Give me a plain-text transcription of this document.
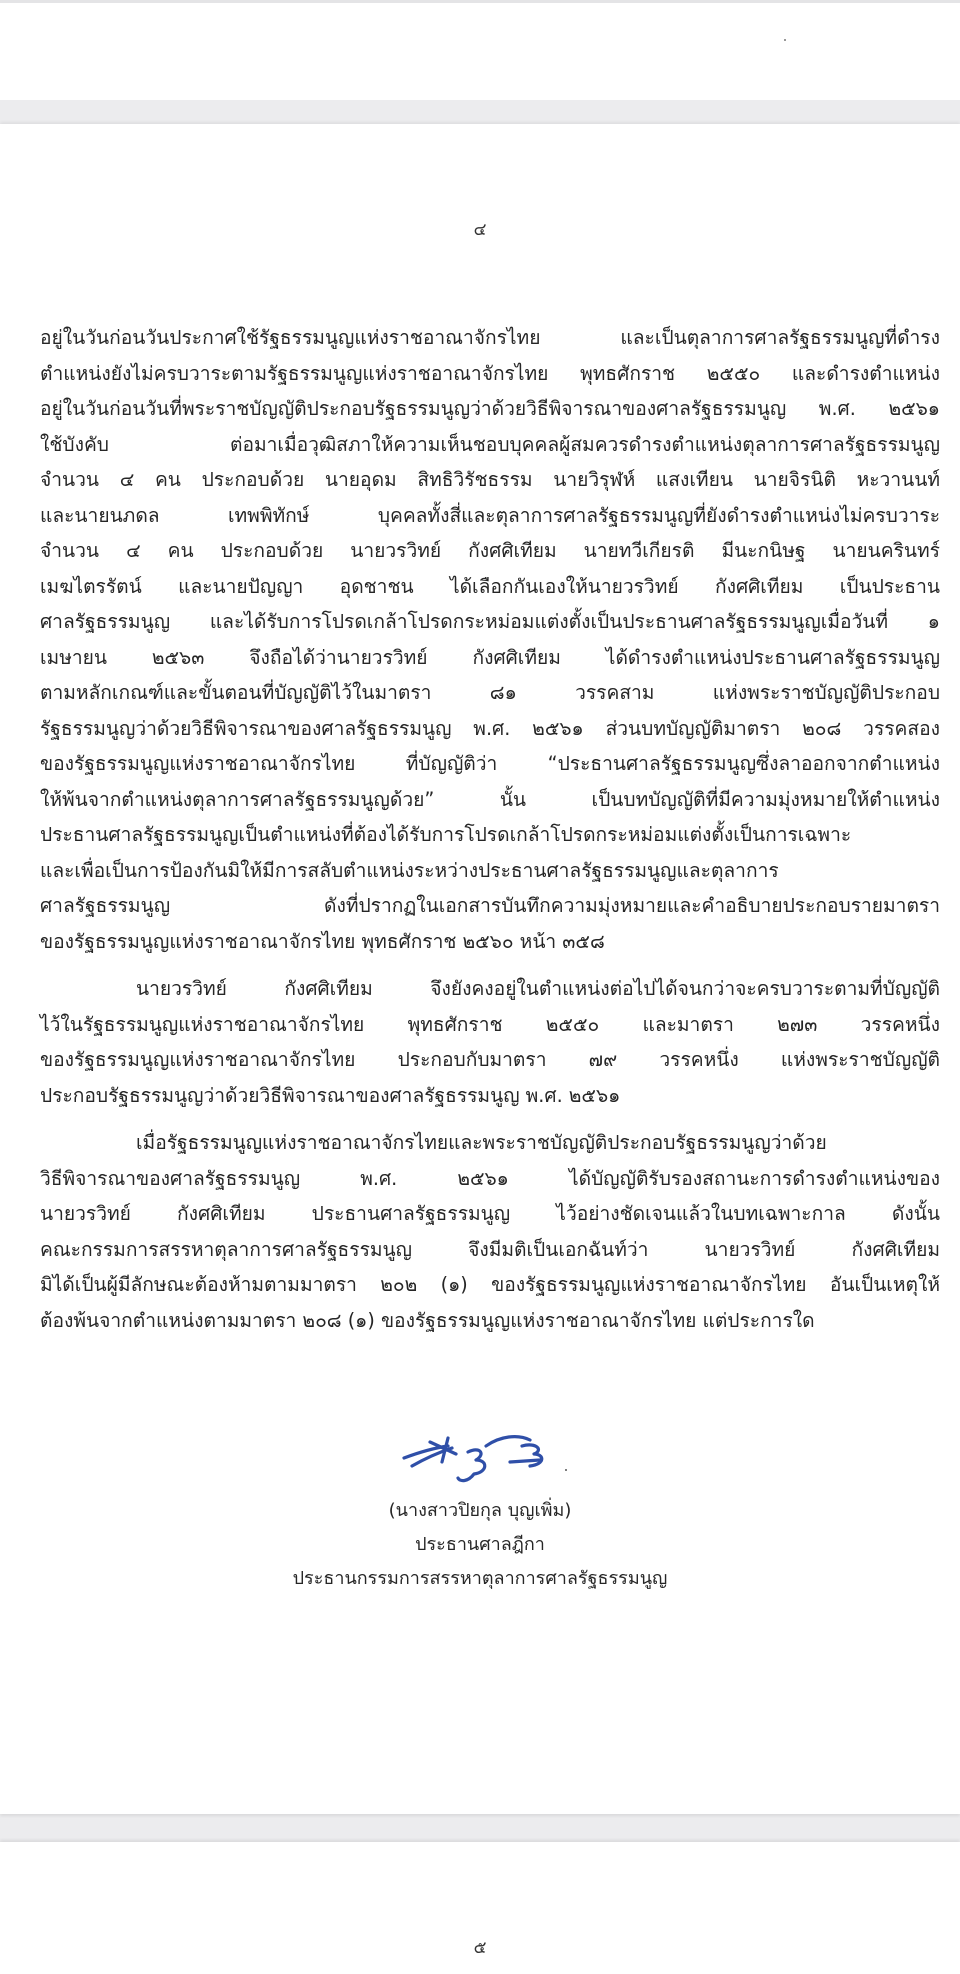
๔
อยู่ในวันก่อนวันประกาศใช้รัฐธรรมนูญแห่งราชอาณาจักรไทย และเป็นตุลาการศาลรัฐธรรมนูญที่ดำรง
ตำแหน่งยังไม่ครบวาระตามรัฐธรรมนูญแห่งราชอาณาจักรไทย พุทธศักราช ๒๕๕๐ และดำรงตำแหน่ง
อยู่ในวันก่อนวันที่พระราชบัญญัติประกอบรัฐธรรมนูญว่าด้วยวิธีพิจารณาของศาลรัฐธรรมนูญ พ.ศ. ๒๕๖๑
ใช้บังคับ ต่อมาเมื่อวุฒิสภาให้ความเห็นชอบบุคคลผู้สมควรดำรงตำแหน่งตุลาการศาลรัฐธรรมนูญ
จำนวน ๔ คน ประกอบด้วย นายอุดม สิทธิวิรัชธรรม นายวิรุฬห์ แสงเทียน นายจิรนิติ หะวานนท์
และนายนภดล เทพพิทักษ์ บุคคลทั้งสี่และตุลาการศาลรัฐธรรมนูญที่ยังดำรงตำแหน่งไม่ครบวาระ
จำนวน ๔ คน ประกอบด้วย นายวรวิทย์ กังศศิเทียม นายทวีเกียรติ มีนะกนิษฐ นายนครินทร์
เมฆไตรรัตน์ และนายปัญญา อุดชาชน ได้เลือกกันเองให้นายวรวิทย์ กังศศิเทียม เป็นประธาน
ศาลรัฐธรรมนูญ และได้รับการโปรดเกล้าโปรดกระหม่อมแต่งตั้งเป็นประธานศาลรัฐธรรมนูญเมื่อวันที่ ๑
เมษายน ๒๕๖๓ จึงถือได้ว่านายวรวิทย์ กังศศิเทียม ได้ดำรงตำแหน่งประธานศาลรัฐธรรมนูญ
ตามหลักเกณฑ์และขั้นตอนที่บัญญัติไว้ในมาตรา ๘๑ วรรคสาม แห่งพระราชบัญญัติประกอบ
รัฐธรรมนูญว่าด้วยวิธีพิจารณาของศาลรัฐธรรมนูญ พ.ศ. ๒๕๖๑ ส่วนบทบัญญัติมาตรา ๒๐๘ วรรคสอง
ของรัฐธรรมนูญแห่งราชอาณาจักรไทย ที่บัญญัติว่า “ประธานศาลรัฐธรรมนูญซึ่งลาออกจากตำแหน่ง
ให้พ้นจากตำแหน่งตุลาการศาลรัฐธรรมนูญด้วย” นั้น เป็นบทบัญญัติที่มีความมุ่งหมายให้ตำแหน่ง
ประธานศาลรัฐธรรมนูญเป็นตำแหน่งที่ต้องได้รับการโปรดเกล้าโปรดกระหม่อมแต่งตั้งเป็นการเฉพาะ
และเพื่อเป็นการป้องกันมิให้มีการสลับตำแหน่งระหว่างประธานศาลรัฐธรรมนูญและตุลาการ
ศาลรัฐธรรมนูญ ดังที่ปรากฏในเอกสารบันทึกความมุ่งหมายและคำอธิบายประกอบรายมาตรา
ของรัฐธรรมนูญแห่งราชอาณาจักรไทย พุทธศักราช ๒๕๖๐ หน้า ๓๕๘
นายวรวิทย์ กังศศิเทียม จึงยังคงอยู่ในตำแหน่งต่อไปได้จนกว่าจะครบวาระตามที่บัญญัติ
ไว้ในรัฐธรรมนูญแห่งราชอาณาจักรไทย พุทธศักราช ๒๕๕๐ และมาตรา ๒๗๓ วรรคหนึ่ง
ของรัฐธรรมนูญแห่งราชอาณาจักรไทย ประกอบกับมาตรา ๗๙ วรรคหนึ่ง แห่งพระราชบัญญัติ
ประกอบรัฐธรรมนูญว่าด้วยวิธีพิจารณาของศาลรัฐธรรมนูญ พ.ศ. ๒๕๖๑
เมื่อรัฐธรรมนูญแห่งราชอาณาจักรไทยและพระราชบัญญัติประกอบรัฐธรรมนูญว่าด้วย
วิธีพิจารณาของศาลรัฐธรรมนูญ พ.ศ. ๒๕๖๑ ได้บัญญัติรับรองสถานะการดำรงตำแหน่งของ
นายวรวิทย์ กังศศิเทียม ประธานศาลรัฐธรรมนูญ ไว้อย่างชัดเจนแล้วในบทเฉพาะกาล ดังนั้น
คณะกรรมการสรรหาตุลาการศาลรัฐธรรมนูญ จึงมีมติเป็นเอกฉันท์ว่า นายวรวิทย์ กังศศิเทียม
มิได้เป็นผู้มีลักษณะต้องห้ามตามมาตรา ๒๐๒ (๑) ของรัฐธรรมนูญแห่งราชอาณาจักรไทย อันเป็นเหตุให้
ต้องพ้นจากตำแหน่งตามมาตรา ๒๐๘ (๑) ของรัฐธรรมนูญแห่งราชอาณาจักรไทย แต่ประการใด
(นางสาวปิยกุล บุญเพิ่ม)
ประธานศาลฎีกา
ประธานกรรมการสรรหาตุลาการศาลรัฐธรรมนูญ
๕
